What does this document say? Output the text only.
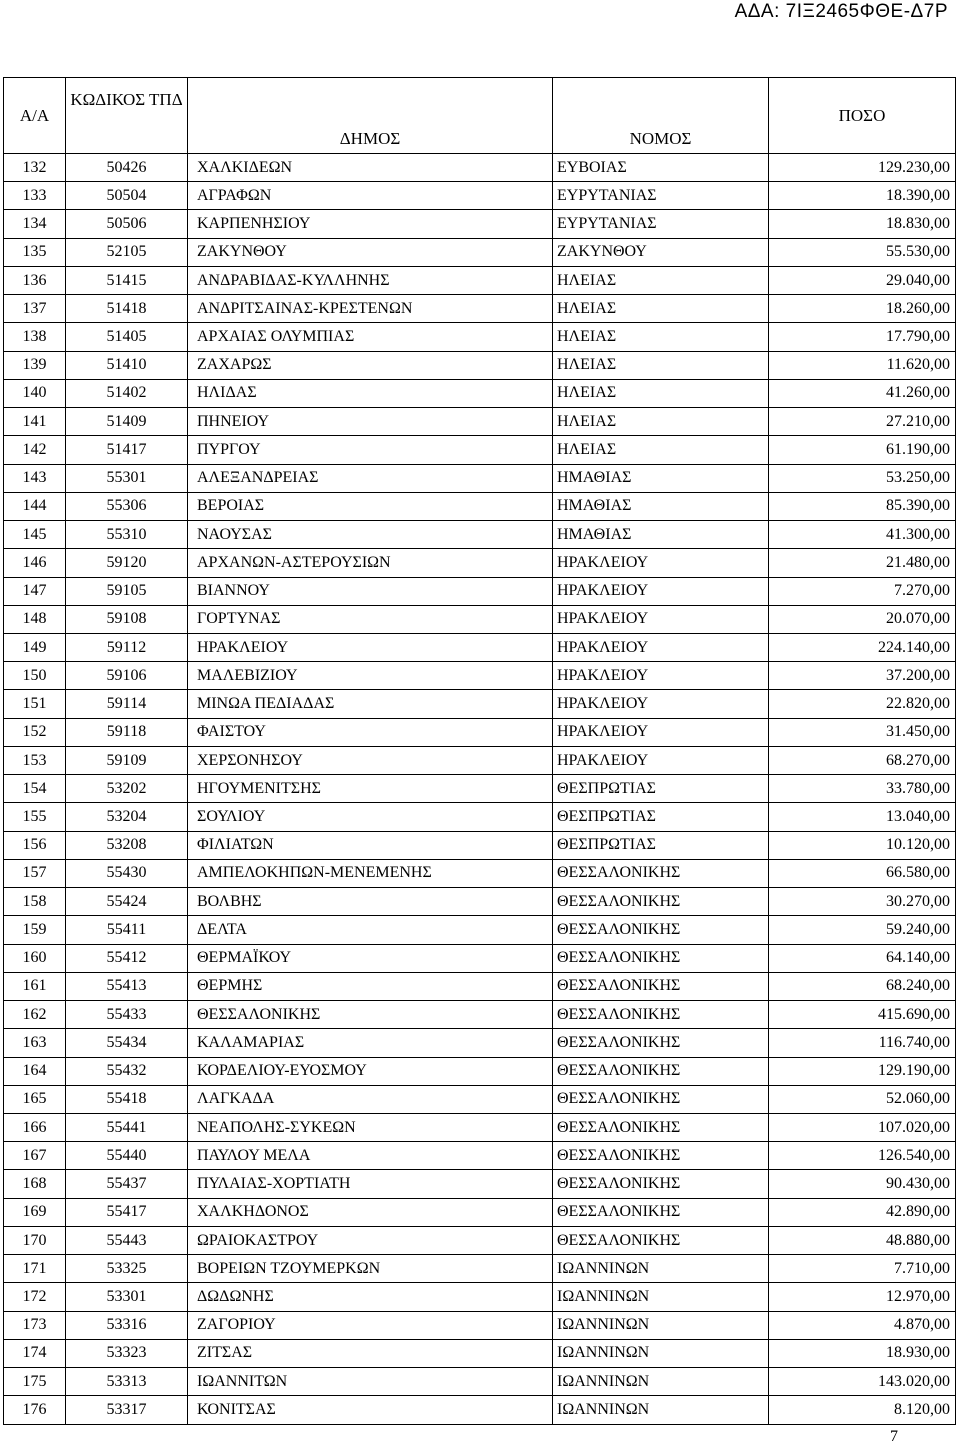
ΑΔΑ: 7ΙΞ2465ΦΘΕ-Δ7Ρ
Α/Α	ΚΩΔΙΚΟΣ ΤΠΔ	ΔΗΜΟΣ	ΝΟΜΟΣ	ΠΟΣΟ
132	50426	ΧΑΛΚΙΔΕΩΝ	ΕΥΒΟΙΑΣ	129.230,00
133	50504	ΑΓΡΑΦΩΝ	ΕΥΡΥΤΑΝΙΑΣ	18.390,00
134	50506	ΚΑΡΠΕΝΗΣΙΟΥ	ΕΥΡΥΤΑΝΙΑΣ	18.830,00
135	52105	ΖΑΚΥΝΘΟΥ	ΖΑΚΥΝΘΟΥ	55.530,00
136	51415	ΑΝΔΡΑΒΙΔΑΣ-ΚΥΛΛΗΝΗΣ	ΗΛΕΙΑΣ	29.040,00
137	51418	ΑΝΔΡΙΤΣΑΙΝΑΣ-ΚΡΕΣΤΕΝΩΝ	ΗΛΕΙΑΣ	18.260,00
138	51405	ΑΡΧΑΙΑΣ ΟΛΥΜΠΙΑΣ	ΗΛΕΙΑΣ	17.790,00
139	51410	ΖΑΧΑΡΩΣ	ΗΛΕΙΑΣ	11.620,00
140	51402	ΗΛΙΔΑΣ	ΗΛΕΙΑΣ	41.260,00
141	51409	ΠΗΝΕΙΟΥ	ΗΛΕΙΑΣ	27.210,00
142	51417	ΠΥΡΓΟΥ	ΗΛΕΙΑΣ	61.190,00
143	55301	ΑΛΕΞΑΝΔΡΕΙΑΣ	ΗΜΑΘΙΑΣ	53.250,00
144	55306	ΒΕΡΟΙΑΣ	ΗΜΑΘΙΑΣ	85.390,00
145	55310	ΝΑΟΥΣΑΣ	ΗΜΑΘΙΑΣ	41.300,00
146	59120	ΑΡΧΑΝΩΝ-ΑΣΤΕΡΟΥΣΙΩΝ	ΗΡΑΚΛΕΙΟΥ	21.480,00
147	59105	ΒΙΑΝΝΟΥ	ΗΡΑΚΛΕΙΟΥ	7.270,00
148	59108	ΓΟΡΤΥΝΑΣ	ΗΡΑΚΛΕΙΟΥ	20.070,00
149	59112	ΗΡΑΚΛΕΙΟΥ	ΗΡΑΚΛΕΙΟΥ	224.140,00
150	59106	ΜΑΛΕΒΙΖΙΟΥ	ΗΡΑΚΛΕΙΟΥ	37.200,00
151	59114	ΜΙΝΩΑ ΠΕΔΙΑΔΑΣ	ΗΡΑΚΛΕΙΟΥ	22.820,00
152	59118	ΦΑΙΣΤΟΥ	ΗΡΑΚΛΕΙΟΥ	31.450,00
153	59109	ΧΕΡΣΟΝΗΣΟΥ	ΗΡΑΚΛΕΙΟΥ	68.270,00
154	53202	ΗΓΟΥΜΕΝΙΤΣΗΣ	ΘΕΣΠΡΩΤΙΑΣ	33.780,00
155	53204	ΣΟΥΛΙΟΥ	ΘΕΣΠΡΩΤΙΑΣ	13.040,00
156	53208	ΦΙΛΙΑΤΩΝ	ΘΕΣΠΡΩΤΙΑΣ	10.120,00
157	55430	ΑΜΠΕΛΟΚΗΠΩΝ-ΜΕΝΕΜΕΝΗΣ	ΘΕΣΣΑΛΟΝΙΚΗΣ	66.580,00
158	55424	ΒΟΛΒΗΣ	ΘΕΣΣΑΛΟΝΙΚΗΣ	30.270,00
159	55411	ΔΕΛΤΑ	ΘΕΣΣΑΛΟΝΙΚΗΣ	59.240,00
160	55412	ΘΕΡΜΑΪΚΟΥ	ΘΕΣΣΑΛΟΝΙΚΗΣ	64.140,00
161	55413	ΘΕΡΜΗΣ	ΘΕΣΣΑΛΟΝΙΚΗΣ	68.240,00
162	55433	ΘΕΣΣΑΛΟΝΙΚΗΣ	ΘΕΣΣΑΛΟΝΙΚΗΣ	415.690,00
163	55434	ΚΑΛΑΜΑΡΙΑΣ	ΘΕΣΣΑΛΟΝΙΚΗΣ	116.740,00
164	55432	ΚΟΡΔΕΛΙΟΥ-ΕΥΟΣΜΟΥ	ΘΕΣΣΑΛΟΝΙΚΗΣ	129.190,00
165	55418	ΛΑΓΚΑΔΑ	ΘΕΣΣΑΛΟΝΙΚΗΣ	52.060,00
166	55441	ΝΕΑΠΟΛΗΣ-ΣΥΚΕΩΝ	ΘΕΣΣΑΛΟΝΙΚΗΣ	107.020,00
167	55440	ΠΑΥΛΟΥ ΜΕΛΑ	ΘΕΣΣΑΛΟΝΙΚΗΣ	126.540,00
168	55437	ΠΥΛΑΙΑΣ-ΧΟΡΤΙΑΤΗ	ΘΕΣΣΑΛΟΝΙΚΗΣ	90.430,00
169	55417	ΧΑΛΚΗΔΟΝΟΣ	ΘΕΣΣΑΛΟΝΙΚΗΣ	42.890,00
170	55443	ΩΡΑΙΟΚΑΣΤΡΟΥ	ΘΕΣΣΑΛΟΝΙΚΗΣ	48.880,00
171	53325	ΒΟΡΕΙΩΝ ΤΖΟΥΜΕΡΚΩΝ	ΙΩΑΝΝΙΝΩΝ	7.710,00
172	53301	ΔΩΔΩΝΗΣ	ΙΩΑΝΝΙΝΩΝ	12.970,00
173	53316	ΖΑΓΟΡΙΟΥ	ΙΩΑΝΝΙΝΩΝ	4.870,00
174	53323	ΖΙΤΣΑΣ	ΙΩΑΝΝΙΝΩΝ	18.930,00
175	53313	ΙΩΑΝΝΙΤΩΝ	ΙΩΑΝΝΙΝΩΝ	143.020,00
176	53317	ΚΟΝΙΤΣΑΣ	ΙΩΑΝΝΙΝΩΝ	8.120,00
7
